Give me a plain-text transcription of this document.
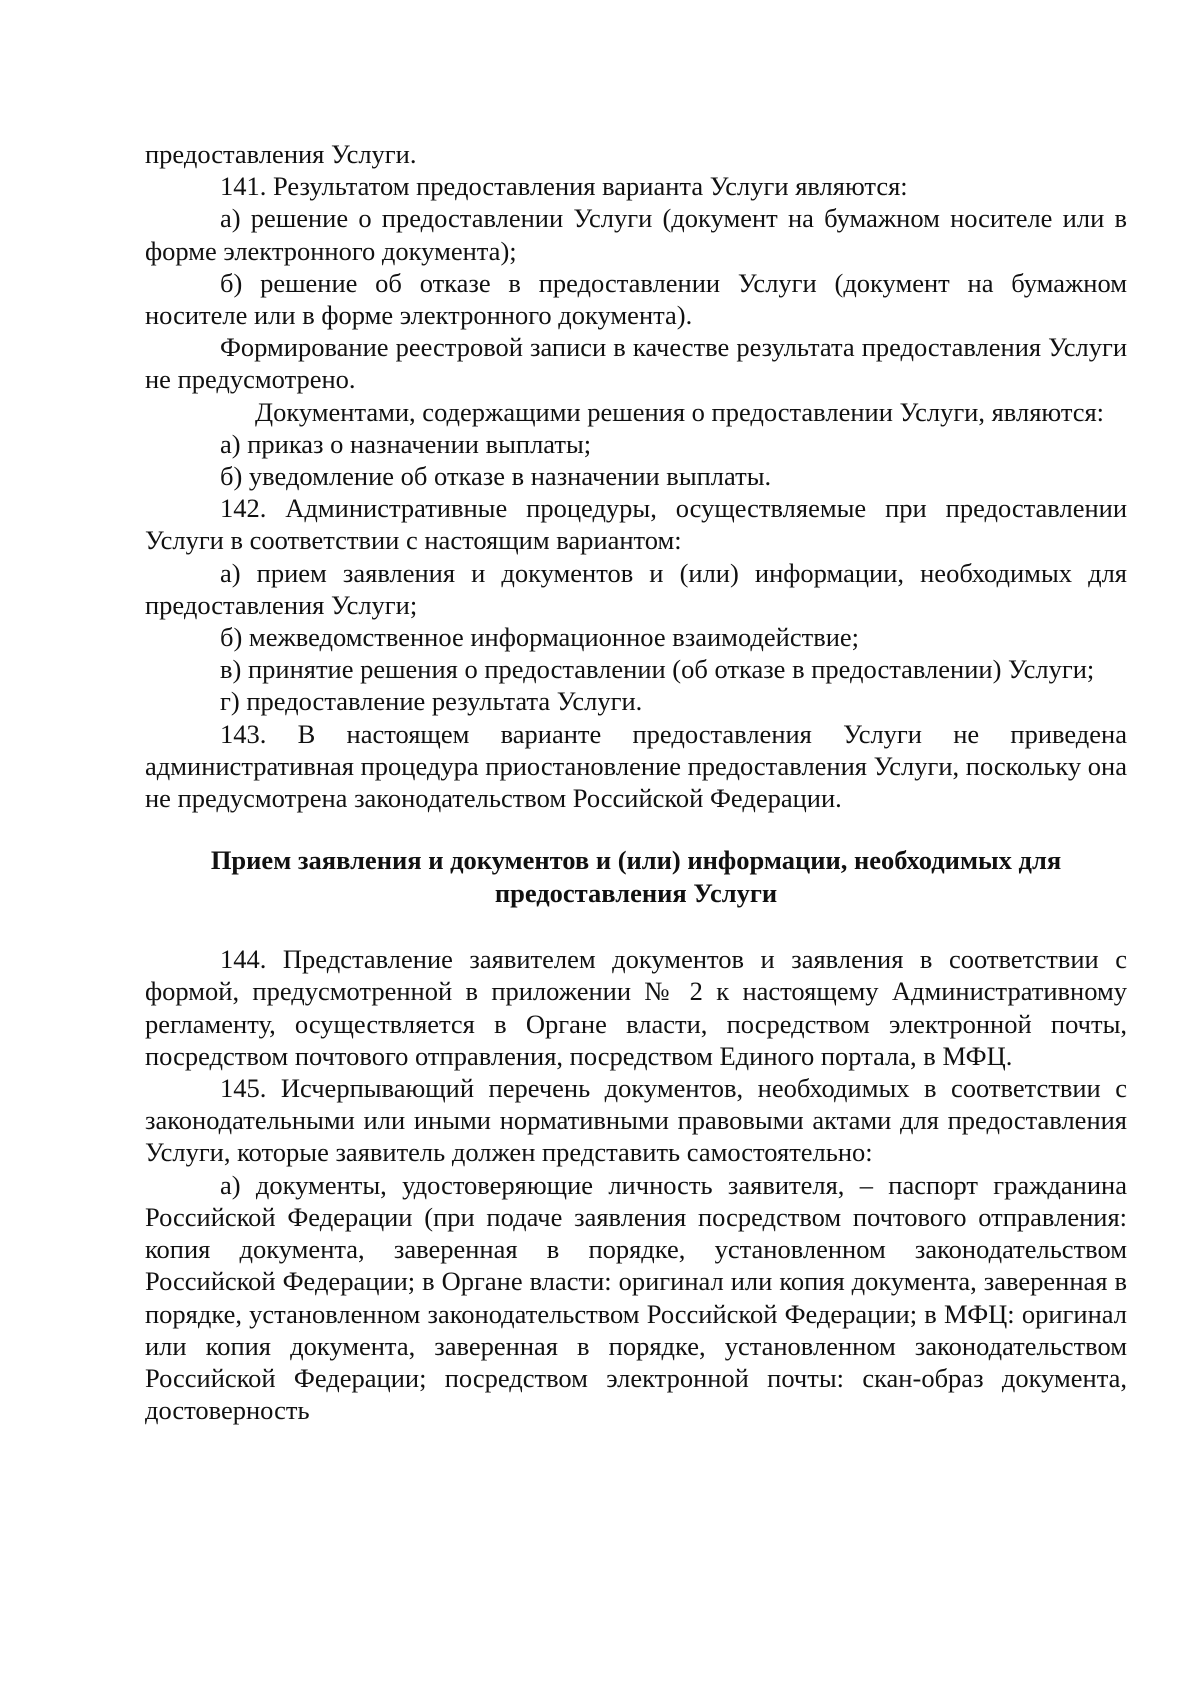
предоставления Услуги.

141. Результатом предоставления варианта Услуги являются:

а) решение о предоставлении Услуги (документ на бумажном носителе или в форме электронного документа);

б) решение об отказе в предоставлении Услуги (документ на бумажном носителе или в форме электронного документа).

Формирование реестровой записи в качестве результата предоставления Услуги не предусмотрено.

Документами, содержащими решения о предоставлении Услуги, являются:

а) приказ о назначении выплаты;

б) уведомление об отказе в назначении выплаты.

142. Административные процедуры, осуществляемые при предоставлении Услуги в соответствии с настоящим вариантом:

а) прием заявления и документов и (или) информации, необходимых для предоставления Услуги;

б) межведомственное информационное взаимодействие;

в) принятие решения о предоставлении (об отказе в предоставлении) Услуги;

г) предоставление результата Услуги.

143. В настоящем варианте предоставления Услуги не приведена административная процедура приостановление предоставления Услуги, поскольку она не предусмотрена законодательством Российской Федерации.

Прием заявления и документов и (или) информации, необходимых для
предоставления Услуги

144. Представление заявителем документов и заявления в соответствии с формой, предусмотренной в приложении № 2 к настоящему Административному регламенту, осуществляется в Органе власти, посредством электронной почты, посредством почтового отправления, посредством Единого портала, в МФЦ.

145. Исчерпывающий перечень документов, необходимых в соответствии с законодательными или иными нормативными правовыми актами для предоставления Услуги, которые заявитель должен представить самостоятельно:

а) документы, удостоверяющие личность заявителя, – паспорт гражданина Российской Федерации (при подаче заявления посредством почтового отправления: копия документа, заверенная в порядке, установленном законодательством Российской Федерации; в Органе власти: оригинал или копия документа, заверенная в порядке, установленном законодательством Российской Федерации; в МФЦ: оригинал или копия документа, заверенная в порядке, установленном законодательством Российской Федерации; посредством электронной почты: скан-образ документа, достоверность
